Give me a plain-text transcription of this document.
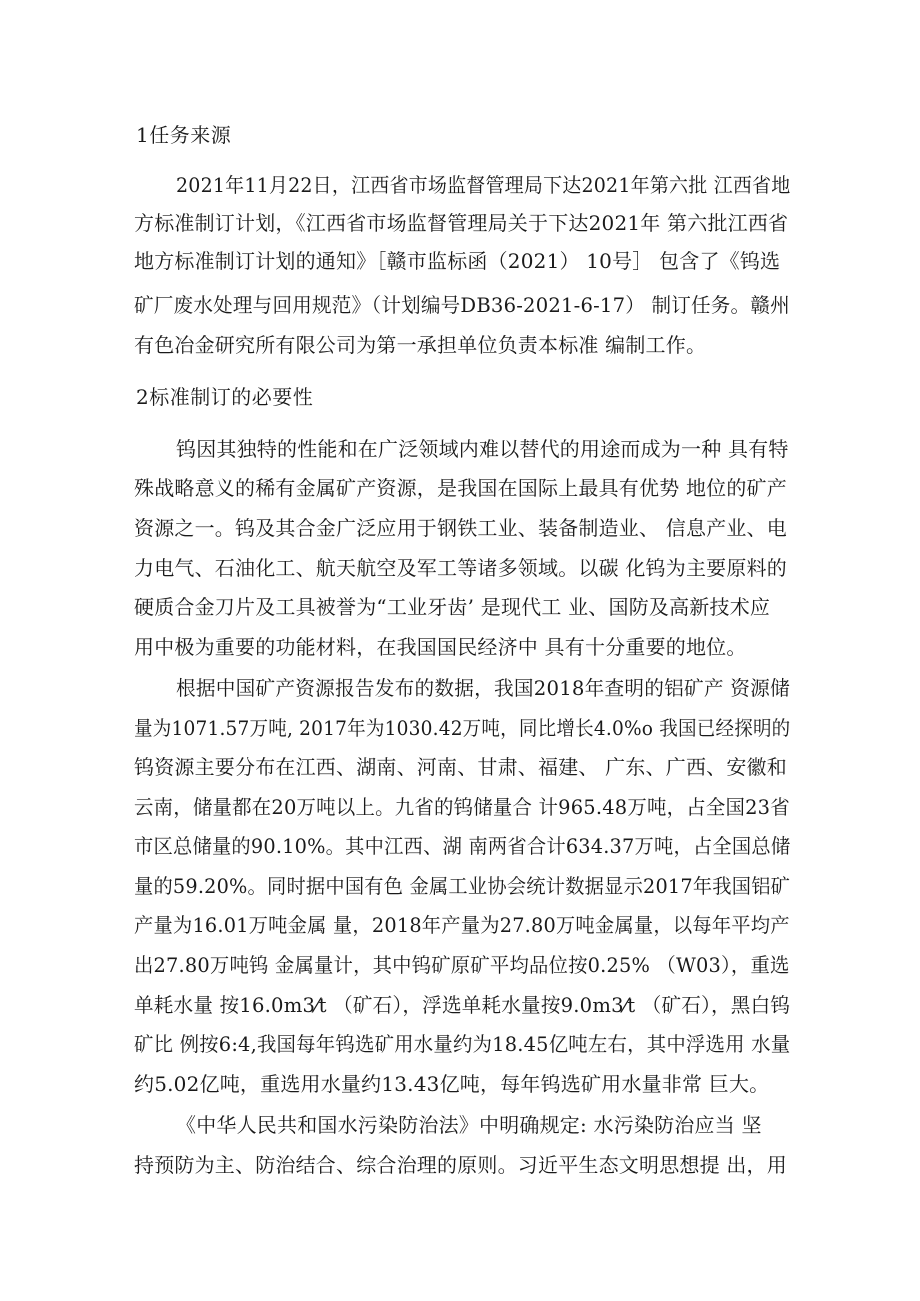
1任务来源
2021年11月22日，江西省市场监督管理局下达2021年第六批 江西省地
方标准制订计划，《江西省市场监督管理局关于下达2021年 第六批江西省
地方标准制订计划的通知》［赣市监标函（2021） 10号］ 包含了《钨选
矿厂废水处理与回用规范》（计划编号DB36-2021-6-17） 制订任务。赣州
有色冶金研究所有限公司为第一承担单位负责本标准 编制工作。
2标准制订的必要性
钨因其独特的性能和在广泛领域内难以替代的用途而成为一种 具有特
殊战略意义的稀有金属矿产资源，是我国在国际上最具有优势 地位的矿产
资源之一。钨及其合金广泛应用于钢铁工业、装备制造业、 信息产业、电
力电气、石油化工、航天航空及军工等诸多领域。以碳 化钨为主要原料的
硬质合金刀片及工具被誉为“工业牙齿’ 是现代工 业、国防及高新技术应
用中极为重要的功能材料，在我国国民经济中 具有十分重要的地位。
根据中国矿产资源报告发布的数据，我国2018年查明的铝矿产 资源储
量为1071.57万吨, 2017年为1030.42万吨，同比增长4.0%o 我国已经探明的
钨资源主要分布在江西、湖南、河南、甘肃、福建、 广东、广西、安徽和
云南，储量都在20万吨以上。九省的钨储量合 计965.48万吨，占全国23省
市区总储量的90.10%。其中江西、湖 南两省合计634.37万吨，占全国总储
量的59.20%。同时据中国有色 金属工业协会统计数据显示2017年我国铝矿
产量为16.01万吨金属 量，2018年产量为27.80万吨金属量，以每年平均产
出27.80万吨钨 金属量计，其中钨矿原矿平均品位按0.25% （W03），重选
单耗水量 按16.0m3⁄t （矿石），浮选单耗水量按9.0m3⁄t （矿石），黑白钨
矿比 例按6:4,我国每年钨选矿用水量约为18.45亿吨左右，其中浮选用 水量
约5.02亿吨，重选用水量约13.43亿吨，每年钨选矿用水量非常 巨大。
《中华人民共和国水污染防治法》中明确规定: 水污染防治应当 坚
持预防为主、防治结合、综合治理的原则。习近平生态文明思想提 出，用
